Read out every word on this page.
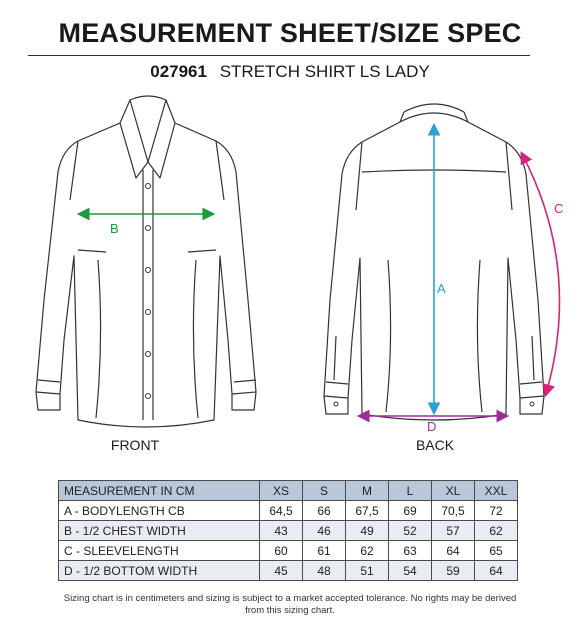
MEASUREMENT SHEET/SIZE SPEC
027961 STRETCH SHIRT LS LADY
B
A
C
D
FRONT	BACK
MEASUREMENT IN CM	XS	S	M	L	XL	XXL
A - BODYLENGTH CB	64,5	66	67,5	69	70,5	72
B - 1/2 CHEST WIDTH	43	46	49	52	57	62
C - SLEEVELENGTH	60	61	62	63	64	65
D - 1/2 BOTTOM WIDTH	45	48	51	54	59	64
Sizing chart is in centimeters and sizing is subject to a market accepted tolerance. No rights may be derived from this sizing chart.
